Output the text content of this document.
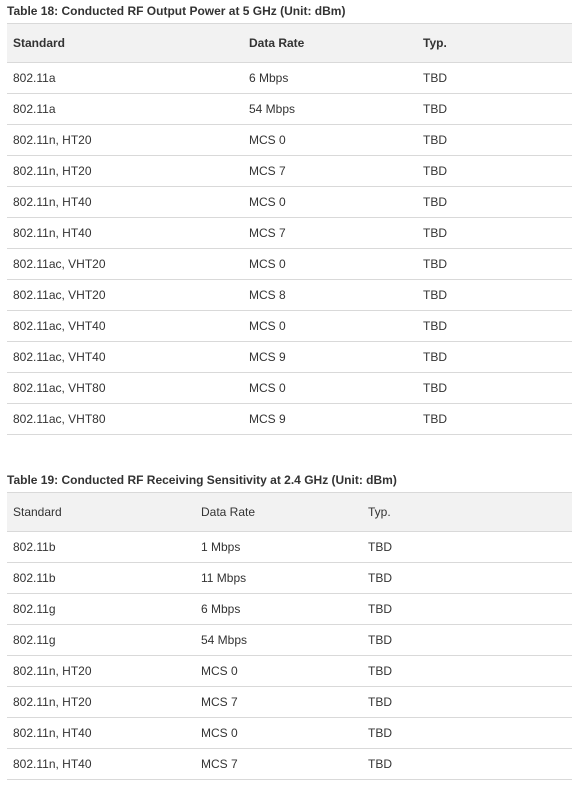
Table 18: Conducted RF Output Power at 5 GHz (Unit: dBm)

Standard	Data Rate	Typ.
802.11a	6 Mbps	TBD
802.11a	54 Mbps	TBD
802.11n, HT20	MCS 0	TBD
802.11n, HT20	MCS 7	TBD
802.11n, HT40	MCS 0	TBD
802.11n, HT40	MCS 7	TBD
802.11ac, VHT20	MCS 0	TBD
802.11ac, VHT20	MCS 8	TBD
802.11ac, VHT40	MCS 0	TBD
802.11ac, VHT40	MCS 9	TBD
802.11ac, VHT80	MCS 0	TBD
802.11ac, VHT80	MCS 9	TBD

Table 19: Conducted RF Receiving Sensitivity at 2.4 GHz (Unit: dBm)

Standard	Data Rate	Typ.
802.11b	1 Mbps	TBD
802.11b	11 Mbps	TBD
802.11g	6 Mbps	TBD
802.11g	54 Mbps	TBD
802.11n, HT20	MCS 0	TBD
802.11n, HT20	MCS 7	TBD
802.11n, HT40	MCS 0	TBD
802.11n, HT40	MCS 7	TBD
